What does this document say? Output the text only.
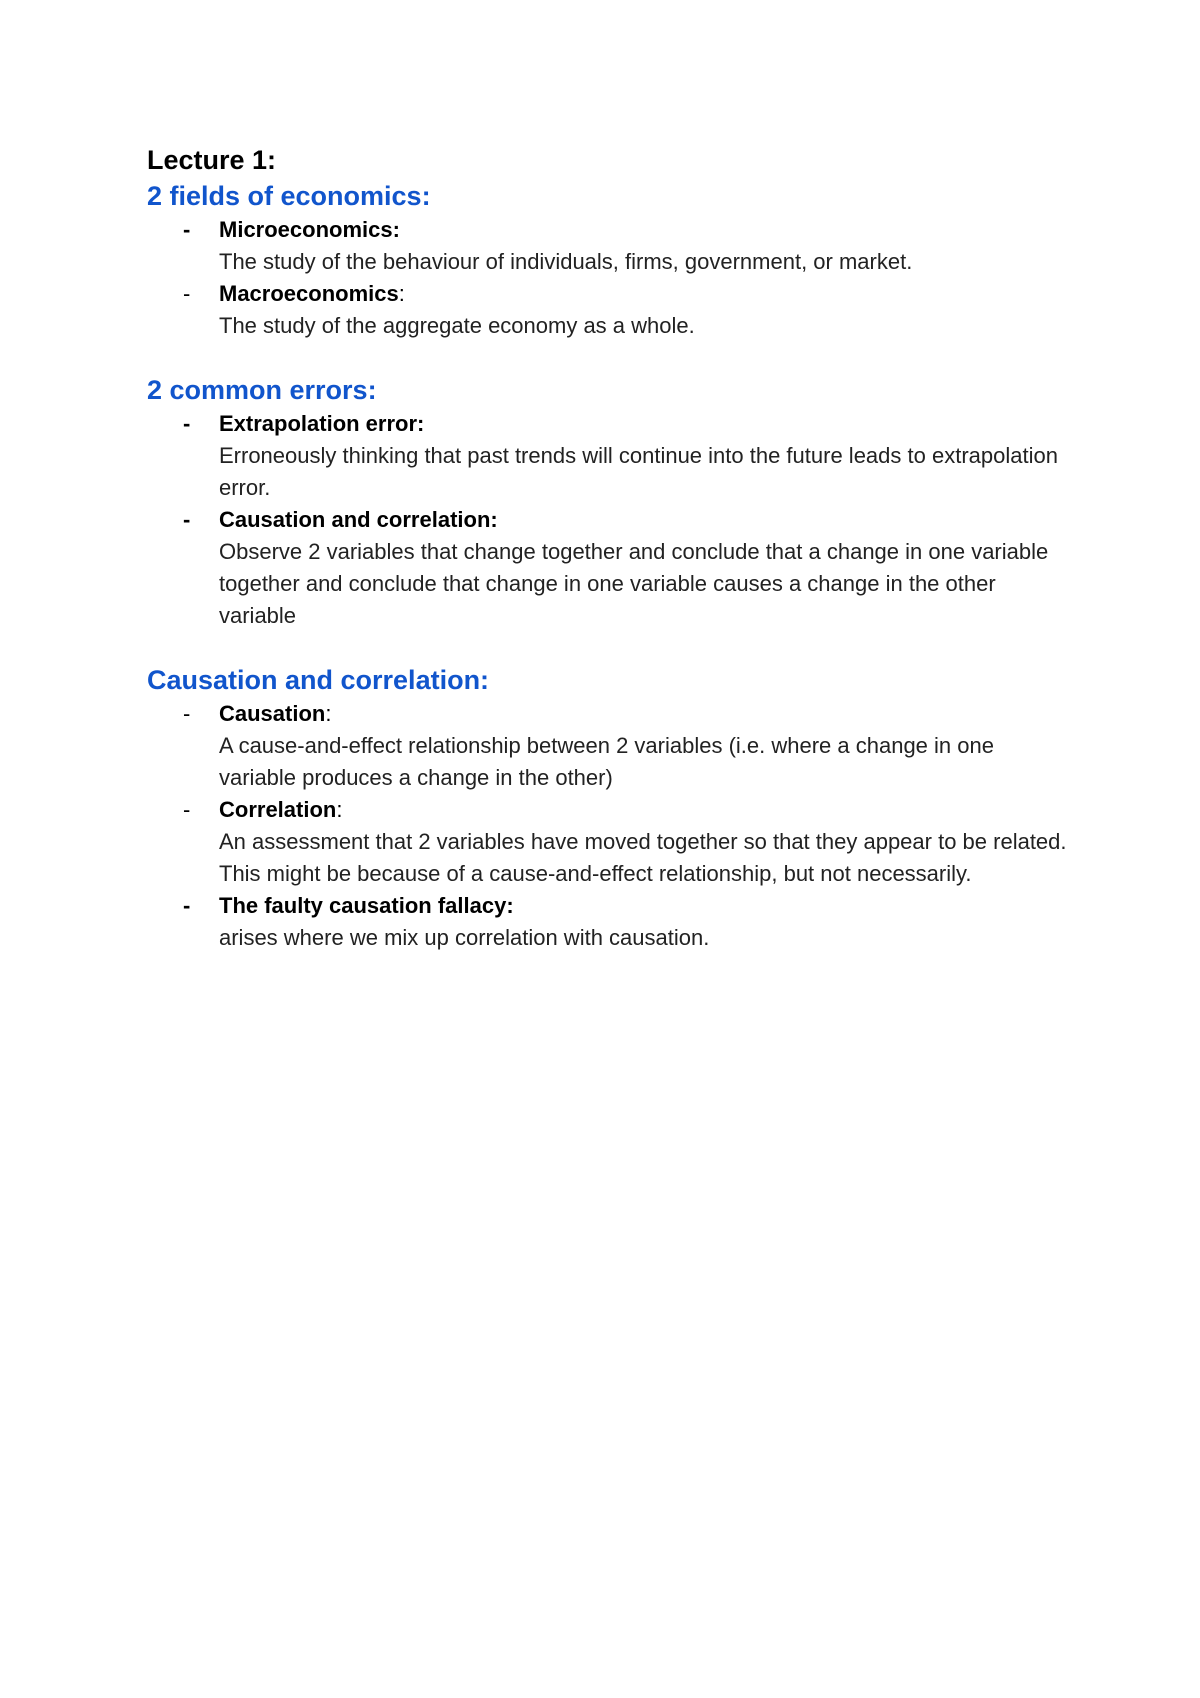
Lecture 1:
2 fields of economics:
- Microeconomics:
The study of the behaviour of individuals, firms, government, or market.
- Macroeconomics:
The study of the aggregate economy as a whole.
2 common errors:
- Extrapolation error:
Erroneously thinking that past trends will continue into the future leads to extrapolation error.
- Causation and correlation:
Observe 2 variables that change together and conclude that a change in one variable together and conclude that change in one variable causes a change in the other variable
Causation and correlation:
- Causation:
A cause-and-effect relationship between 2 variables (i.e. where a change in one variable produces a change in the other)
- Correlation:
An assessment that 2 variables have moved together so that they appear to be related. This might be because of a cause-and-effect relationship, but not necessarily.
- The faulty causation fallacy:
arises where we mix up correlation with causation.
